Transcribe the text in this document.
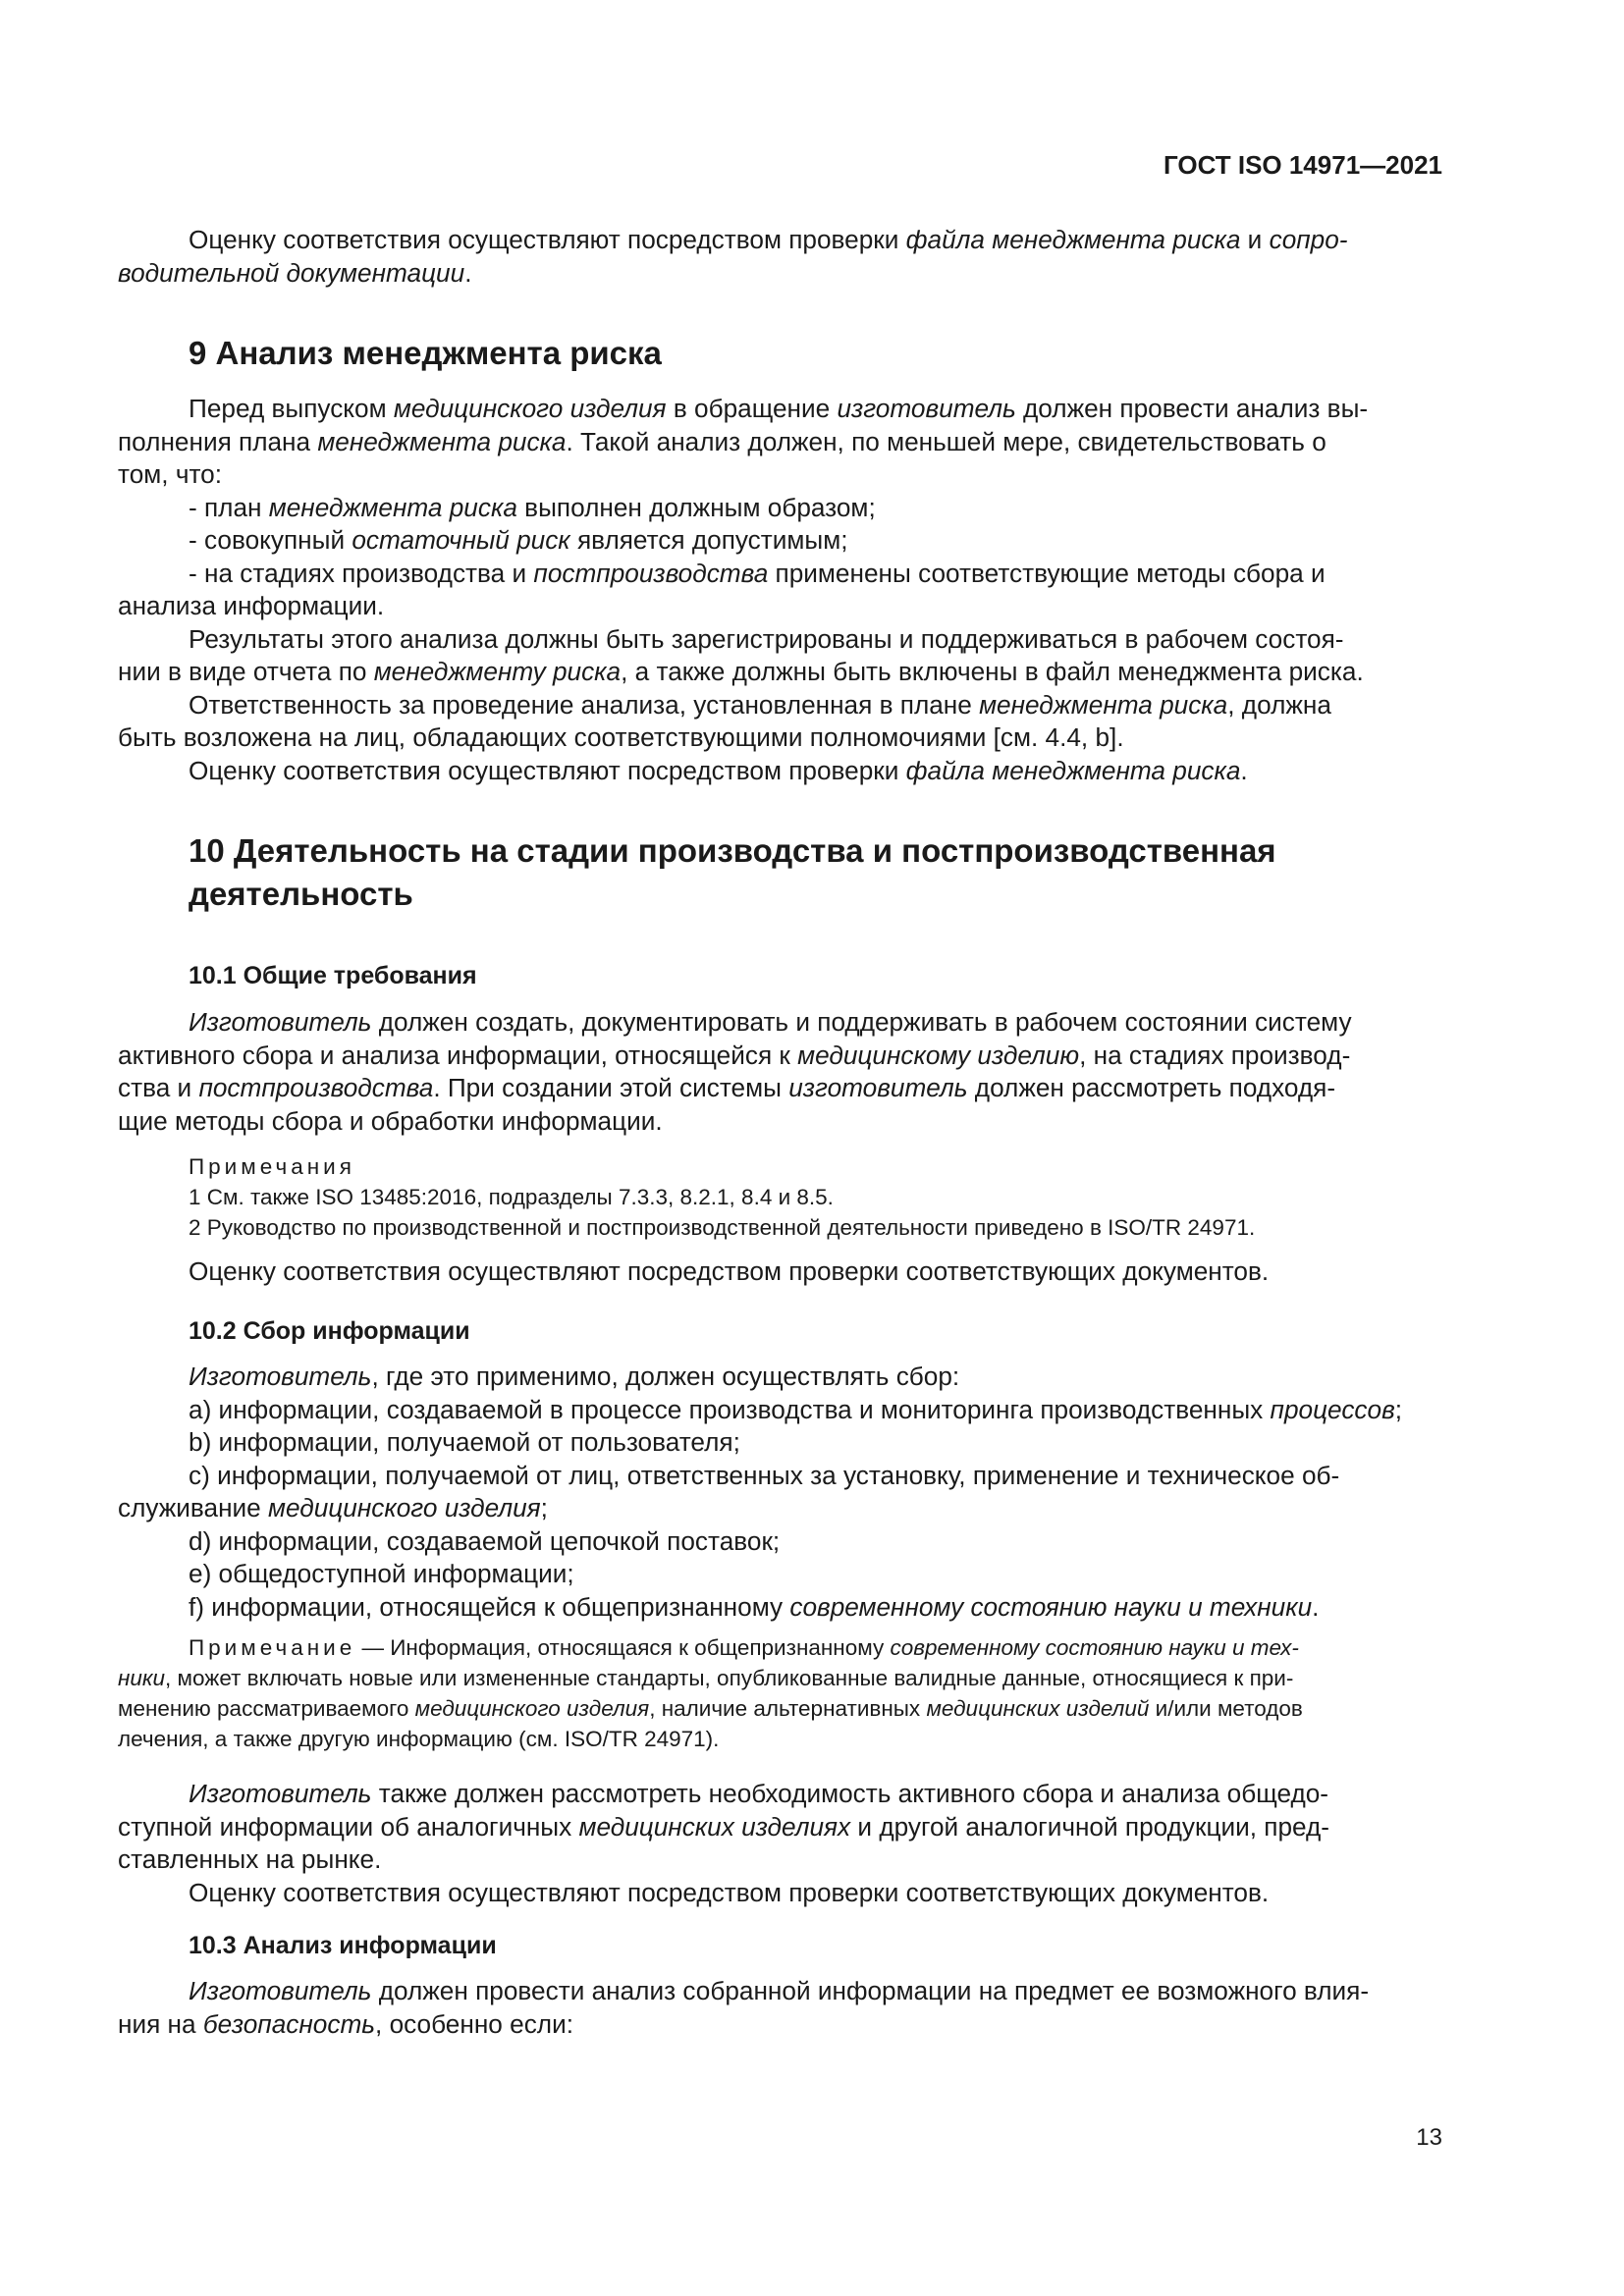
ГОСТ ISO 14971—2021

Оценку соответствия осуществляют посредством проверки файла менеджмента риска и сопро-

водительной документации.

9 Анализ менеджмента риска

Перед выпуском медицинского изделия в обращение изготовитель должен провести анализ вы-

полнения плана менеджмента риска. Такой анализ должен, по меньшей мере, свидетельствовать о

том, что:

- план менеджмента риска выполнен должным образом;

- совокупный остаточный риск является допустимым;

- на стадиях производства и постпроизводства применены соответствующие методы сбора и

анализа информации.

Результаты этого анализа должны быть зарегистрированы и поддерживаться в рабочем состоя-

нии в виде отчета по менеджменту риска, а также должны быть включены в файл менеджмента риска.

Ответственность за проведение анализа, установленная в плане менеджмента риска, должна

быть возложена на лиц, обладающих соответствующими полномочиями [см. 4.4, b].

Оценку соответствия осуществляют посредством проверки файла менеджмента риска.

10 Деятельность на стадии производства и постпроизводственная
деятельность
10.1 Общие требования

Изготовитель должен создать, документировать и поддерживать в рабочем состоянии систему

активного сбора и анализа информации, относящейся к медицинскому изделию, на стадиях производ-

ства и постпроизводства. При создании этой системы изготовитель должен рассмотреть подходя-

щие методы сбора и обработки информации.

Примечания

1 См. также ISO 13485:2016, подразделы 7.3.3, 8.2.1, 8.4 и 8.5.

2 Руководство по производственной и постпроизводственной деятельности приведено в ISO/TR 24971.

Оценку соответствия осуществляют посредством проверки соответствующих документов.

10.2 Сбор информации

Изготовитель, где это применимо, должен осуществлять сбор:

a) информации, создаваемой в процессе производства и мониторинга производственных процессов;

b) информации, получаемой от пользователя;

c) информации, получаемой от лиц, ответственных за установку, применение и техническое об-

служивание медицинского изделия;

d) информации, создаваемой цепочкой поставок;

e) общедоступной информации;

f) информации, относящейся к общепризнанному современному состоянию науки и техники.

Примечание — Информация, относящаяся к общепризнанному современному состоянию науки и тех-

ники, может включать новые или измененные стандарты, опубликованные валидные данные, относящиеся к при-

менению рассматриваемого медицинского изделия, наличие альтернативных медицинских изделий и/или методов

лечения, а также другую информацию (см. ISO/TR 24971).

Изготовитель также должен рассмотреть необходимость активного сбора и анализа общедо-

ступной информации об аналогичных медицинских изделиях и другой аналогичной продукции, пред-

ставленных на рынке.

Оценку соответствия осуществляют посредством проверки соответствующих документов.

10.3 Анализ информации

Изготовитель должен провести анализ собранной информации на предмет ее возможного влия-

ния на безопасность, особенно если:

13
